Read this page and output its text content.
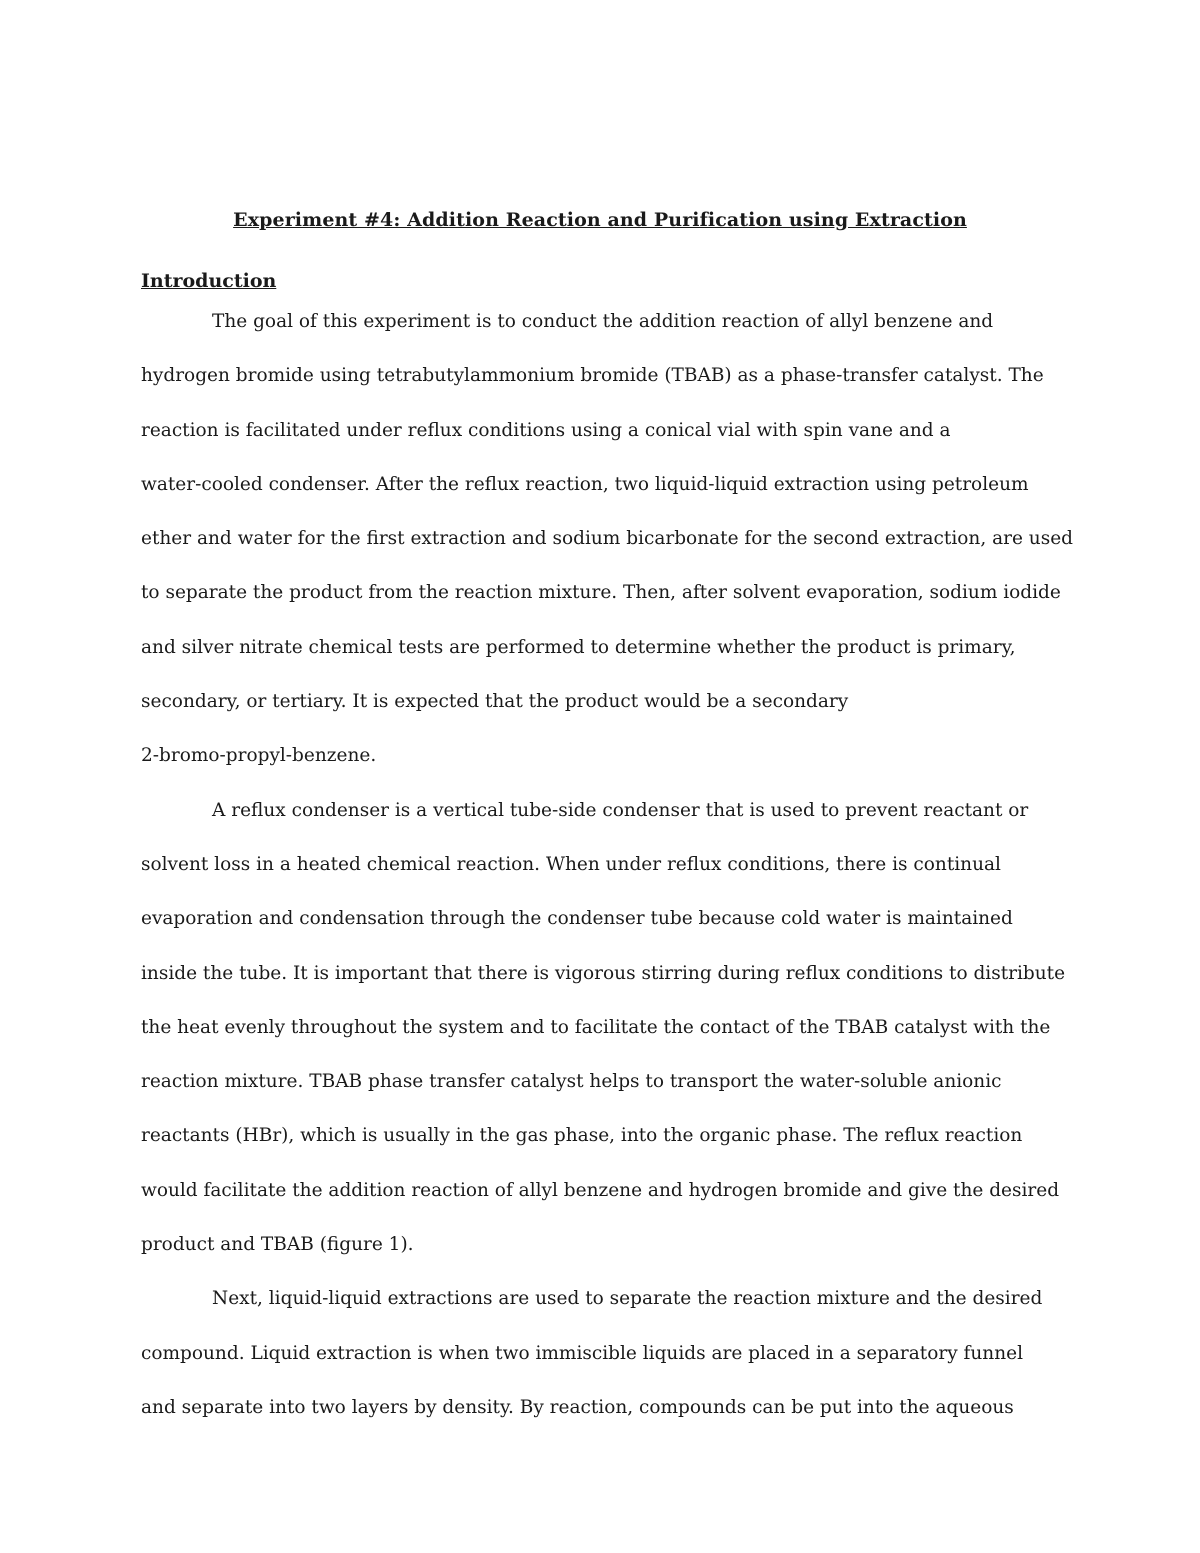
Experiment #4: Addition Reaction and Purification using Extraction
Introduction

The goal of this experiment is to conduct the addition reaction of allyl benzene and
hydrogen bromide using tetrabutylammonium bromide (TBAB) as a phase-transfer catalyst. The
reaction is facilitated under reflux conditions using a conical vial with spin vane and a
water-cooled condenser. After the reflux reaction, two liquid-liquid extraction using petroleum
ether and water for the first extraction and sodium bicarbonate for the second extraction, are used
to separate the product from the reaction mixture. Then, after solvent evaporation, sodium iodide
and silver nitrate chemical tests are performed to determine whether the product is primary,
secondary, or tertiary. It is expected that the product would be a secondary
2-bromo-propyl-benzene.

A reflux condenser is a vertical tube-side condenser that is used to prevent reactant or
solvent loss in a heated chemical reaction. When under reflux conditions, there is continual
evaporation and condensation through the condenser tube because cold water is maintained
inside the tube. It is important that there is vigorous stirring during reflux conditions to distribute
the heat evenly throughout the system and to facilitate the contact of the TBAB catalyst with the
reaction mixture. TBAB phase transfer catalyst helps to transport the water-soluble anionic
reactants (HBr), which is usually in the gas phase, into the organic phase. The reflux reaction
would facilitate the addition reaction of allyl benzene and hydrogen bromide and give the desired
product and TBAB (figure 1).

Next, liquid-liquid extractions are used to separate the reaction mixture and the desired
compound. Liquid extraction is when two immiscible liquids are placed in a separatory funnel
and separate into two layers by density. By reaction, compounds can be put into the aqueous
